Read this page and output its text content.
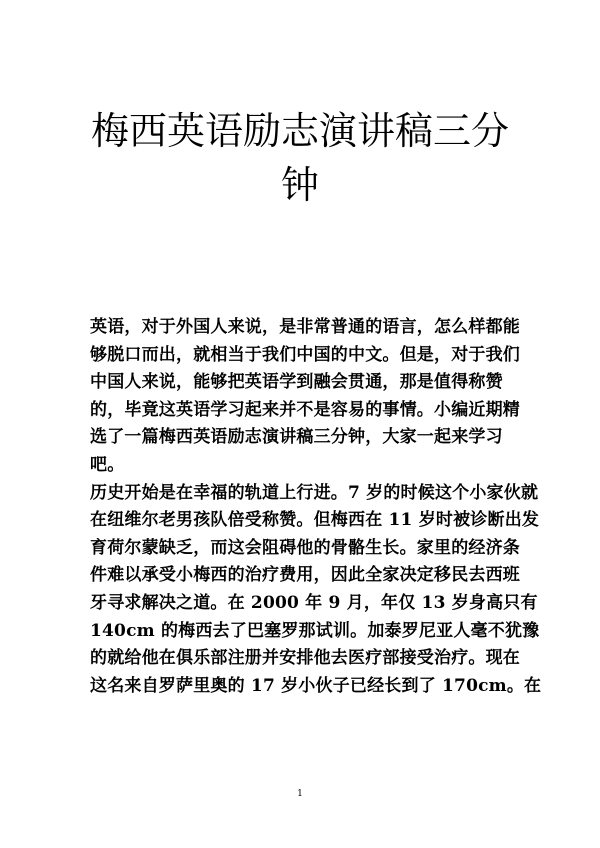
梅西英语励志演讲稿三分
钟

英语，对于外国人来说，是非常普通的语言，怎么样都能
够脱口而出，就相当于我们中国的中文。但是，对于我们
中国人来说，能够把英语学到融会贯通，那是值得称赞
的，毕竟这英语学习起来并不是容易的事情。小编近期精
选了一篇梅西英语励志演讲稿三分钟，大家一起来学习
吧。

历史开始是在幸福的轨道上行进。7 岁的时候这个小家伙就
在纽维尔老男孩队倍受称赞。但梅西在 11 岁时被诊断出发
育荷尔蒙缺乏，而这会阻碍他的骨骼生长。家里的经济条
件难以承受小梅西的治疗费用，因此全家决定移民去西班
牙寻求解决之道。在 2000 年 9 月，年仅 13 岁身高只有
140cm 的梅西去了巴塞罗那试训。加泰罗尼亚人毫不犹豫
的就给他在俱乐部注册并安排他去医疗部接受治疗。现在
这名来自罗萨里奥的 17 岁小伙子已经长到了 170cm。在

1
